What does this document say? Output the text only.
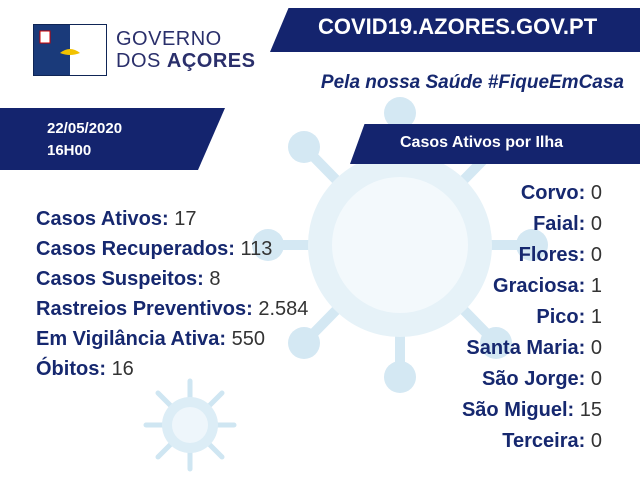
GOVERNO
DOS AÇORES
COVID19.AZORES.GOV.PT
Pela nossa Saúde #FiqueEmCasa
22/05/2020
16H00	Casos Ativos por Ilha
Casos Ativos: 17
Casos Recuperados: 113
Casos Suspeitos: 8
Rastreios Preventivos: 2.584
Em Vigilância Ativa: 550
Óbitos: 16
Corvo: 0
Faial: 0
Flores: 0
Graciosa: 1
Pico: 1
Santa Maria: 0
São Jorge: 0
São Miguel: 15
Terceira: 0
